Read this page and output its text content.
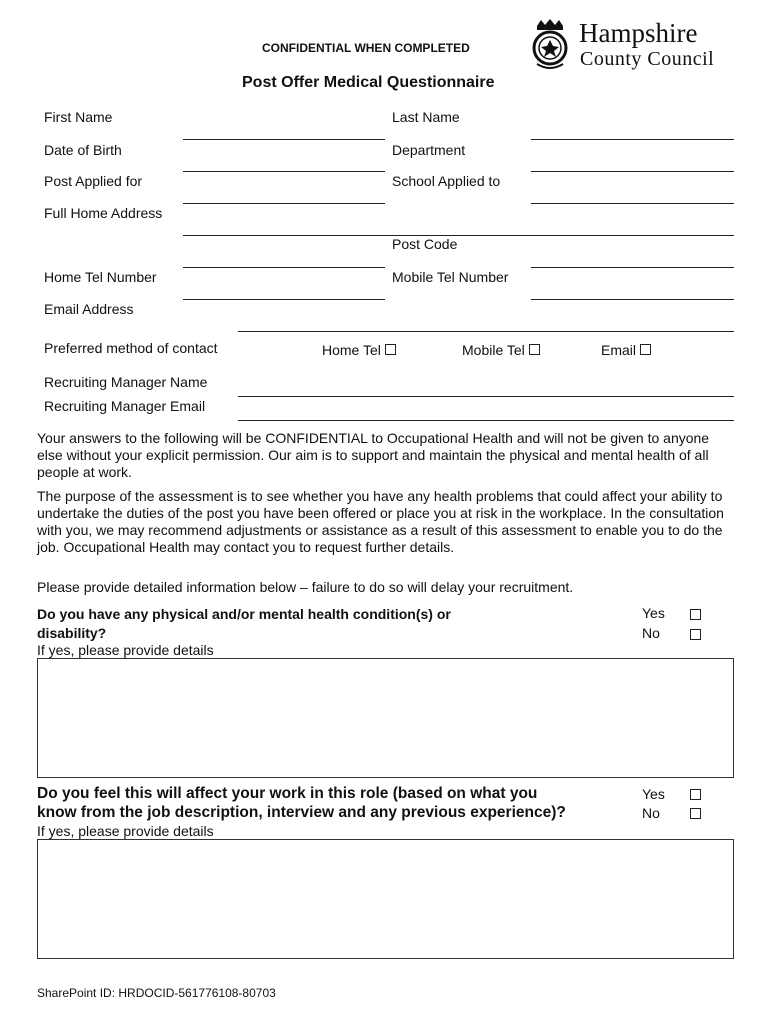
CONFIDENTIAL WHEN COMPLETED	Hampshire
County Council
Post Offer Medical Questionnaire
First Name	Last Name
Date of Birth	Department
Post Applied for	School Applied to
Full Home Address
Post Code
Home Tel Number	Mobile Tel Number
Email Address
Preferred method of contact	Home Tel	Mobile Tel	Email
Recruiting Manager Name
Recruiting Manager Email
Your answers to the following will be CONFIDENTIAL to Occupational Health and will not be given to anyone else without your explicit permission. Our aim is to support and maintain the physical and mental health of all people at work.
The purpose of the assessment is to see whether you have any health problems that could affect your ability to undertake the duties of the post you have been offered or place you at risk in the workplace. In the consultation with you, we may recommend adjustments or assistance as a result of this assessment to enable you to do the job. Occupational Health may contact you to request further details.
Please provide detailed information below – failure to do so will delay your recruitment.
Do you have any physical and/or mental health condition(s) or
disability?
If yes, please provide details
Yes
No
Do you feel this will affect your work in this role (based on what you
know from the job description, interview and any previous experience)?
If yes, please provide details
Yes
No
SharePoint ID: HRDOCID-561776108-80703
